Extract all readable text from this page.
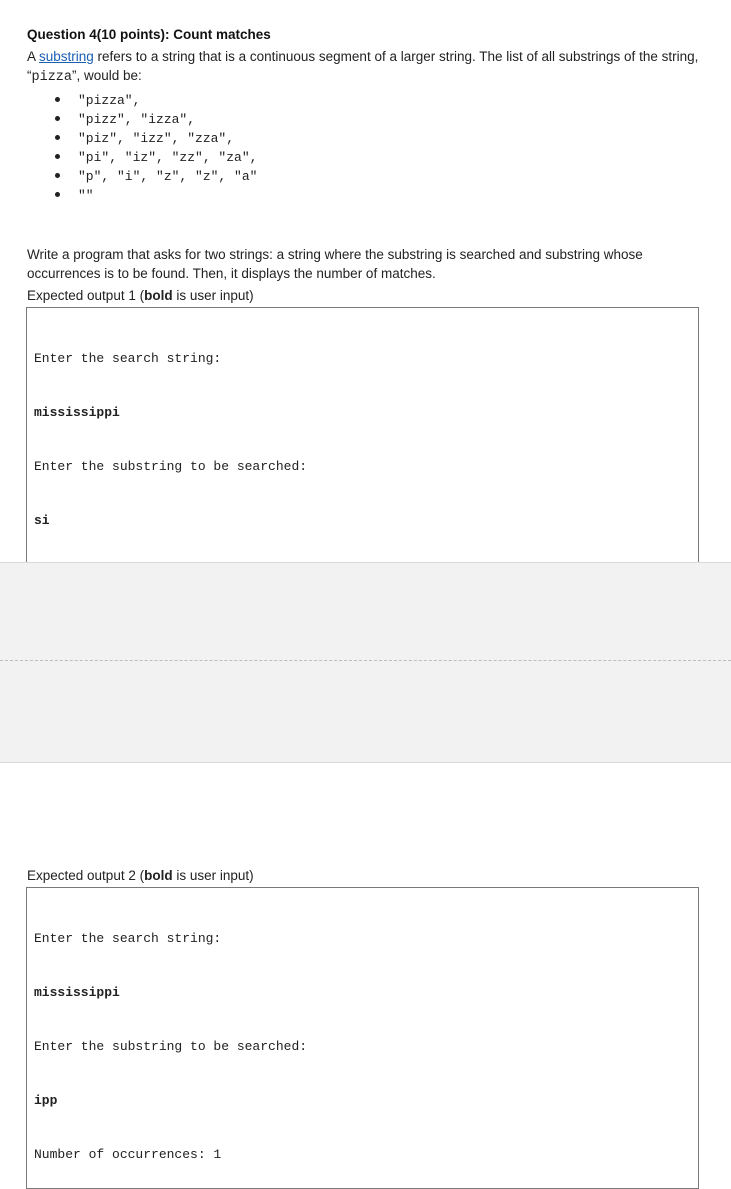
Question 4(10 points): Count matches
A substring refers to a string that is a continuous segment of a larger string. The list of all substrings of the string, “pizza”, would be:
"pizza",
"pizz", "izza",
"piz", "izz", "zza",
"pi", "iz", "zz", "za",
"p", "i", "z", "z", "a"
""
Write a program that asks for two strings: a string where the substring is searched and substring whose occurrences is to be found. Then, it displays the number of matches.
Expected output 1 (bold is user input)

Enter the search string:

mississippi

Enter the substring to be searched:

si

Expected output 2 (bold is user input)

Enter the search string:

mississippi

Enter the substring to be searched:

ipp

Number of occurrences: 1
